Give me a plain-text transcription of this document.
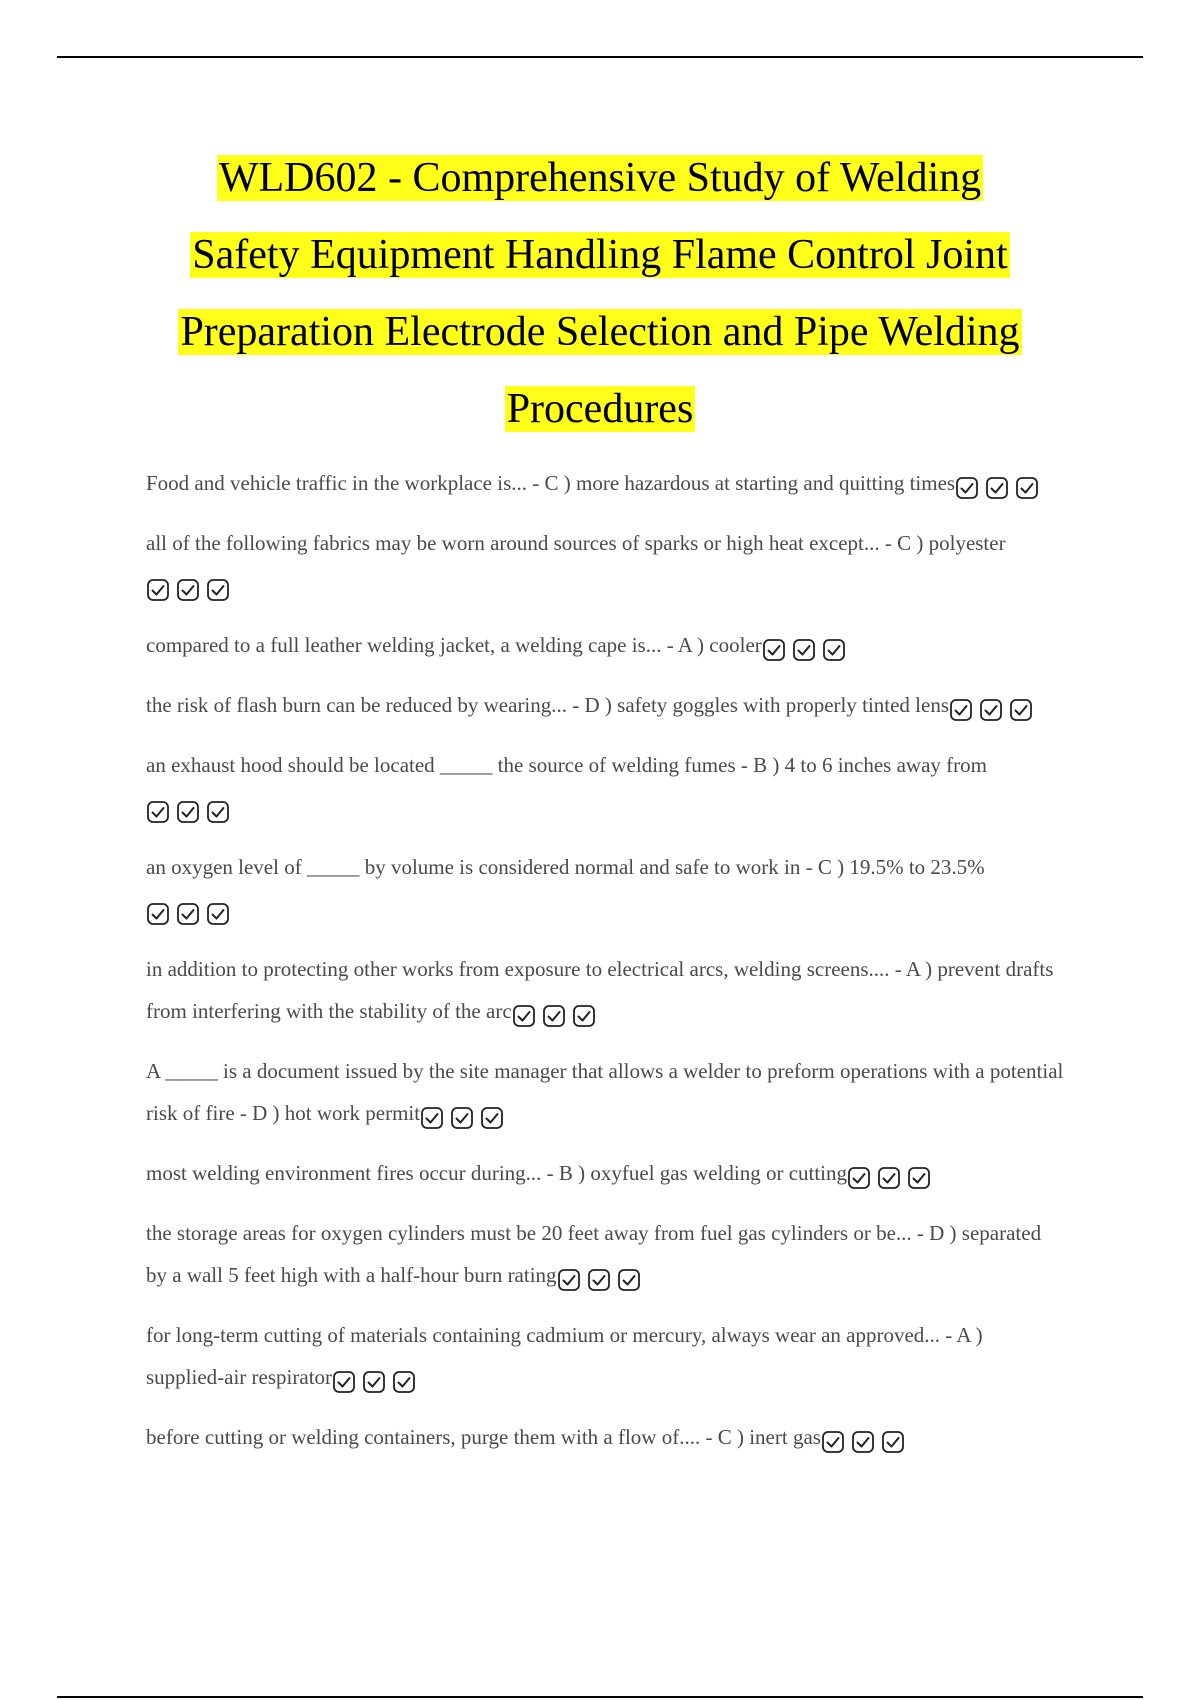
WLD602 - Comprehensive Study of Welding
Safety Equipment Handling Flame Control Joint
Preparation Electrode Selection and Pipe Welding
Procedures

Food and vehicle traffic in the workplace is... - C ) more hazardous at starting and quitting times

all of the following fabrics may be worn around sources of sparks or high heat except... - C ) polyester

compared to a full leather welding jacket, a welding cape is... - A ) cooler

the risk of flash burn can be reduced by wearing... - D ) safety goggles with properly tinted lens

an exhaust hood should be located _____ the source of welding fumes - B ) 4 to 6 inches away from

an oxygen level of _____ by volume is considered normal and safe to work in - C ) 19.5% to 23.5%

in addition to protecting other works from exposure to electrical arcs, welding screens.... - A ) prevent drafts from interfering with the stability of the arc

A _____ is a document issued by the site manager that allows a welder to preform operations with a potential risk of fire - D ) hot work permit

most welding environment fires occur during... - B ) oxyfuel gas welding or cutting

the storage areas for oxygen cylinders must be 20 feet away from fuel gas cylinders or be... - D ) separated by a wall 5 feet high with a half-hour burn rating

for long-term cutting of materials containing cadmium or mercury, always wear an approved... - A ) supplied-air respirator

before cutting or welding containers, purge them with a flow of.... - C ) inert gas
